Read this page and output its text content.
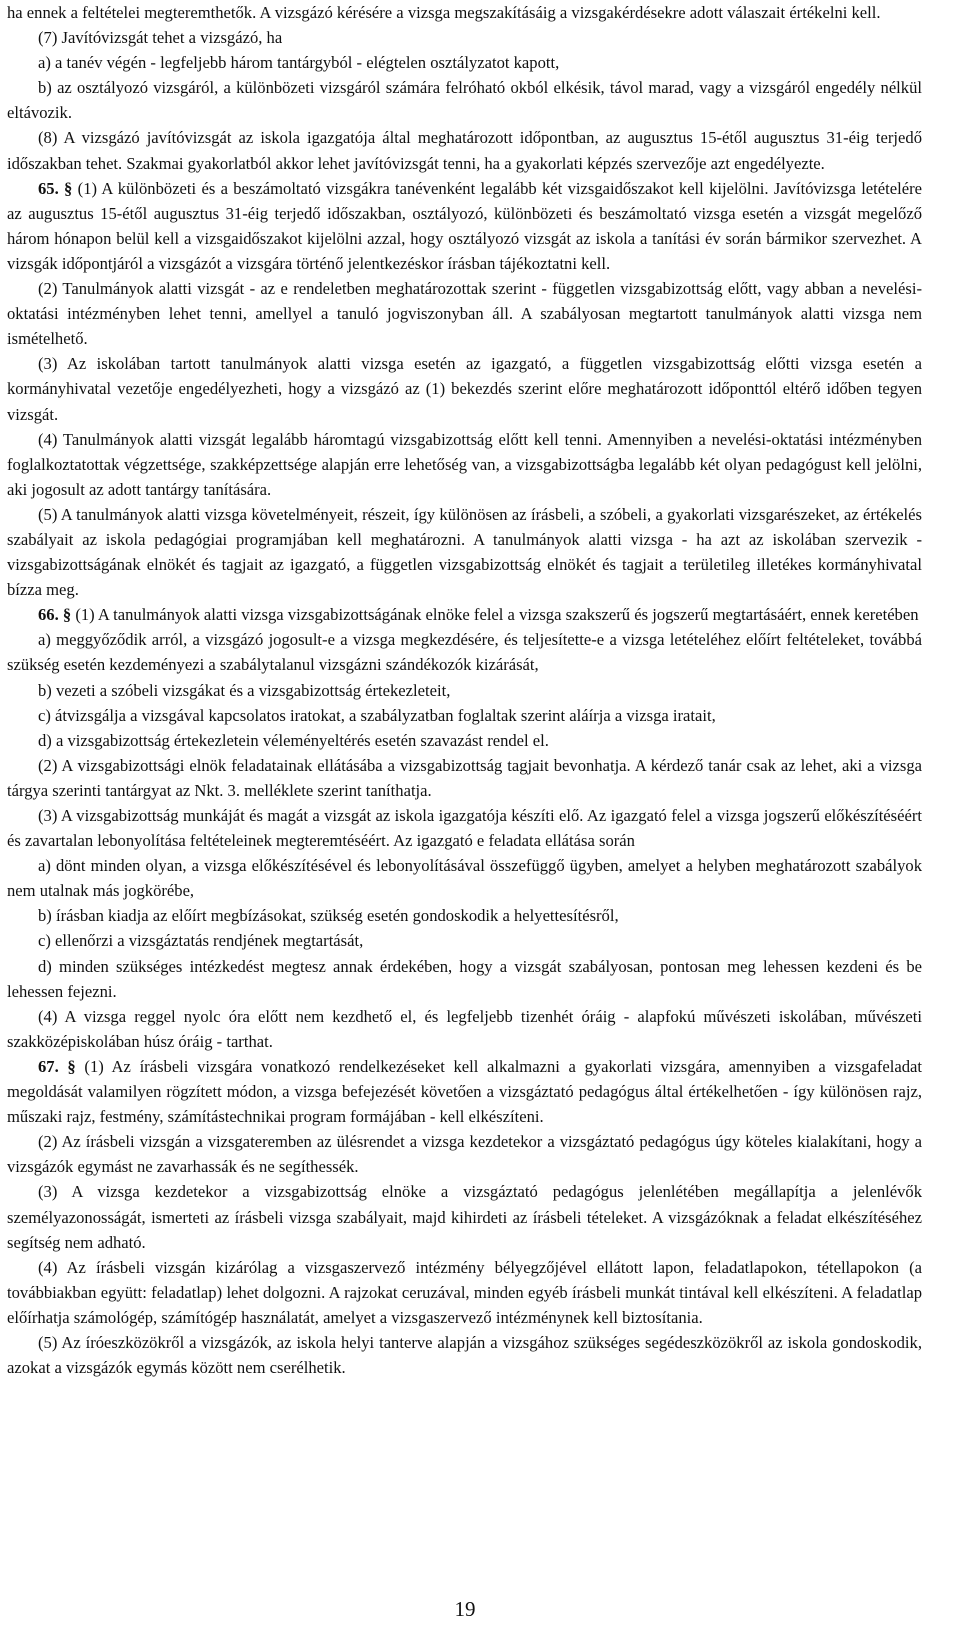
ha ennek a feltételei megteremthetők. A vizsgázó kérésére a vizsga megszakításáig a vizsgakérdésekre adott válaszait értékelni kell.

(7) Javítóvizsgát tehet a vizsgázó, ha

a) a tanév végén - legfeljebb három tantárgyból - elégtelen osztályzatot kapott,

b) az osztályozó vizsgáról, a különbözeti vizsgáról számára felróható okból elkésik, távol marad, vagy a vizsgáról engedély nélkül eltávozik.

(8) A vizsgázó javítóvizsgát az iskola igazgatója által meghatározott időpontban, az augusztus 15-étől augusztus 31-éig terjedő időszakban tehet. Szakmai gyakorlatból akkor lehet javítóvizsgát tenni, ha a gyakorlati képzés szervezője azt engedélyezte.

65. § (1) A különbözeti és a beszámoltató vizsgákra tanévenként legalább két vizsgaidőszakot kell kijelölni. Javítóvizsga letételére az augusztus 15-étől augusztus 31-éig terjedő időszakban, osztályozó, különbözeti és beszámoltató vizsga esetén a vizsgát megelőző három hónapon belül kell a vizsgaidőszakot kijelölni azzal, hogy osztályozó vizsgát az iskola a tanítási év során bármikor szervezhet. A vizsgák időpontjáról a vizsgázót a vizsgára történő jelentkezéskor írásban tájékoztatni kell.

(2) Tanulmányok alatti vizsgát - az e rendeletben meghatározottak szerint - független vizsgabizottság előtt, vagy abban a nevelési-oktatási intézményben lehet tenni, amellyel a tanuló jogviszonyban áll. A szabályosan megtartott tanulmányok alatti vizsga nem ismételhető.

(3) Az iskolában tartott tanulmányok alatti vizsga esetén az igazgató, a független vizsgabizottság előtti vizsga esetén a kormányhivatal vezetője engedélyezheti, hogy a vizsgázó az (1) bekezdés szerint előre meghatározott időponttól eltérő időben tegyen vizsgát.

(4) Tanulmányok alatti vizsgát legalább háromtagú vizsgabizottság előtt kell tenni. Amennyiben a nevelési-oktatási intézményben foglalkoztatottak végzettsége, szakképzettsége alapján erre lehetőség van, a vizsgabizottságba legalább két olyan pedagógust kell jelölni, aki jogosult az adott tantárgy tanítására.

(5) A tanulmányok alatti vizsga követelményeit, részeit, így különösen az írásbeli, a szóbeli, a gyakorlati vizsgarészeket, az értékelés szabályait az iskola pedagógiai programjában kell meghatározni. A tanulmányok alatti vizsga - ha azt az iskolában szervezik - vizsgabizottságának elnökét és tagjait az igazgató, a független vizsgabizottság elnökét és tagjait a területileg illetékes kormányhivatal bízza meg.

66. § (1) A tanulmányok alatti vizsga vizsgabizottságának elnöke felel a vizsga szakszerű és jogszerű megtartásáért, ennek keretében

a) meggyőződik arról, a vizsgázó jogosult-e a vizsga megkezdésére, és teljesítette-e a vizsga letételéhez előírt feltételeket, továbbá szükség esetén kezdeményezi a szabálytalanul vizsgázni szándékozók kizárását,

b) vezeti a szóbeli vizsgákat és a vizsgabizottság értekezleteit,

c) átvizsgálja a vizsgával kapcsolatos iratokat, a szabályzatban foglaltak szerint aláírja a vizsga iratait,

d) a vizsgabizottság értekezletein véleményeltérés esetén szavazást rendel el.

(2) A vizsgabizottsági elnök feladatainak ellátásába a vizsgabizottság tagjait bevonhatja. A kérdező tanár csak az lehet, aki a vizsga tárgya szerinti tantárgyat az Nkt. 3. melléklete szerint taníthatja.

(3) A vizsgabizottság munkáját és magát a vizsgát az iskola igazgatója készíti elő. Az igazgató felel a vizsga jogszerű előkészítéséért és zavartalan lebonyolítása feltételeinek megteremtéséért. Az igazgató e feladata ellátása során

a) dönt minden olyan, a vizsga előkészítésével és lebonyolításával összefüggő ügyben, amelyet a helyben meghatározott szabályok nem utalnak más jogkörébe,

b) írásban kiadja az előírt megbízásokat, szükség esetén gondoskodik a helyettesítésről,

c) ellenőrzi a vizsgáztatás rendjének megtartását,

d) minden szükséges intézkedést megtesz annak érdekében, hogy a vizsgát szabályosan, pontosan meg lehessen kezdeni és be lehessen fejezni.

(4) A vizsga reggel nyolc óra előtt nem kezdhető el, és legfeljebb tizenhét óráig - alapfokú művészeti iskolában, művészeti szakközépiskolában húsz óráig - tarthat.

67. § (1) Az írásbeli vizsgára vonatkozó rendelkezéseket kell alkalmazni a gyakorlati vizsgára, amennyiben a vizsgafeladat megoldását valamilyen rögzített módon, a vizsga befejezését követően a vizsgáztató pedagógus által értékelhetően - így különösen rajz, műszaki rajz, festmény, számítástechnikai program formájában - kell elkészíteni.

(2) Az írásbeli vizsgán a vizsgateremben az ülésrendet a vizsga kezdetekor a vizsgáztató pedagógus úgy köteles kialakítani, hogy a vizsgázók egymást ne zavarhassák és ne segíthessék.

(3) A vizsga kezdetekor a vizsgabizottság elnöke a vizsgáztató pedagógus jelenlétében megállapítja a jelenlévők személyazonosságát, ismerteti az írásbeli vizsga szabályait, majd kihirdeti az írásbeli tételeket. A vizsgázóknak a feladat elkészítéséhez segítség nem adható.

(4) Az írásbeli vizsgán kizárólag a vizsgaszervező intézmény bélyegzőjével ellátott lapon, feladatlapokon, tétellapokon (a továbbiakban együtt: feladatlap) lehet dolgozni. A rajzokat ceruzával, minden egyéb írásbeli munkát tintával kell elkészíteni. A feladatlap előírhatja számológép, számítógép használatát, amelyet a vizsgaszervező intézménynek kell biztosítania.

(5) Az íróeszközökről a vizsgázók, az iskola helyi tanterve alapján a vizsgához szükséges segédeszközökről az iskola gondoskodik, azokat a vizsgázók egymás között nem cserélhetik.

19
